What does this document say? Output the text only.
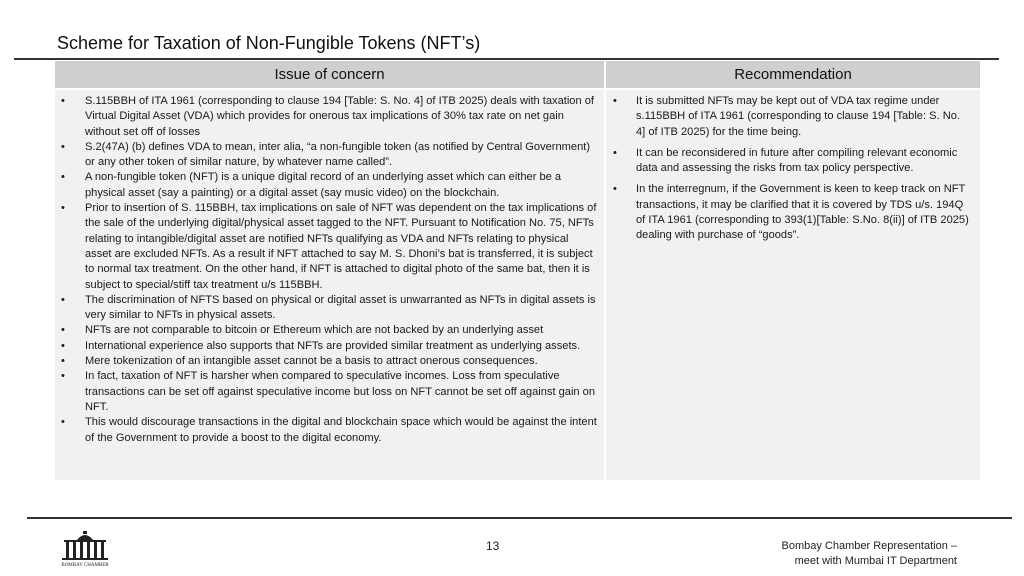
Scheme for Taxation of Non-Fungible Tokens (NFT’s)
Issue of concern	Recommendation
• S.115BBH of ITA 1961 (corresponding to clause 194 [Table: S. No. 4] of ITB 2025) deals with taxation of Virtual Digital Asset (VDA) which provides for onerous tax implications of 30% tax rate on net gain without set off of losses
• S.2(47A) (b) defines VDA to mean, inter alia, “a non-fungible token (as notified by Central Government) or any other token of similar nature, by whatever name called”.
• A non-fungible token (NFT) is a unique digital record of an underlying asset which can either be a physical asset (say a painting) or a digital asset (say music video) on the blockchain.
• Prior to insertion of S. 115BBH, tax implications on sale of NFT was dependent on the tax implications of the sale of the underlying digital/physical asset tagged to the NFT. Pursuant to Notification No. 75, NFTs relating to intangible/digital asset are notified NFTs qualifying as VDA and NFTs relating to physical asset are excluded NFTs. As a result if NFT attached to say M. S. Dhoni’s bat is transferred, it is subject to normal tax treatment. On the other hand, if NFT is attached to digital photo of the same bat, then it is subject to special/stiff tax treatment u/s 115BBH.
• The discrimination of NFTS based on physical or digital asset is unwarranted as NFTs in digital assets is very similar to NFTs in physical assets.
• NFTs are not comparable to bitcoin or Ethereum which are not backed by an underlying asset
• International experience also supports that NFTs are provided similar treatment as underlying assets.
• Mere tokenization of an intangible asset cannot be a basis to attract onerous consequences.
• In fact, taxation of NFT is harsher when compared to speculative incomes. Loss from speculative transactions can be set off against speculative income but loss on NFT cannot be set off against gain on NFT.
• This would discourage transactions in the digital and blockchain space which would be against the intent of the Government to provide a boost to the digital economy.
• It is submitted NFTs may be kept out of VDA tax regime under s.115BBH of ITA 1961 (corresponding to clause 194 [Table: S. No. 4] of ITB 2025) for the time being.
• It can be reconsidered in future after compiling relevant economic data and assessing the risks from tax policy perspective.
• In the interregnum, if the Government is keen to keep track on NFT transactions, it may be clarified that it is covered by TDS u/s. 194Q of ITA 1961 (corresponding to 393(1)[Table: S.No. 8(ii)] of ITB 2025) dealing with purchase of “goods”.
BOMBAY CHAMBER
13	Bombay Chamber Representation –
meet with Mumbai IT Department
